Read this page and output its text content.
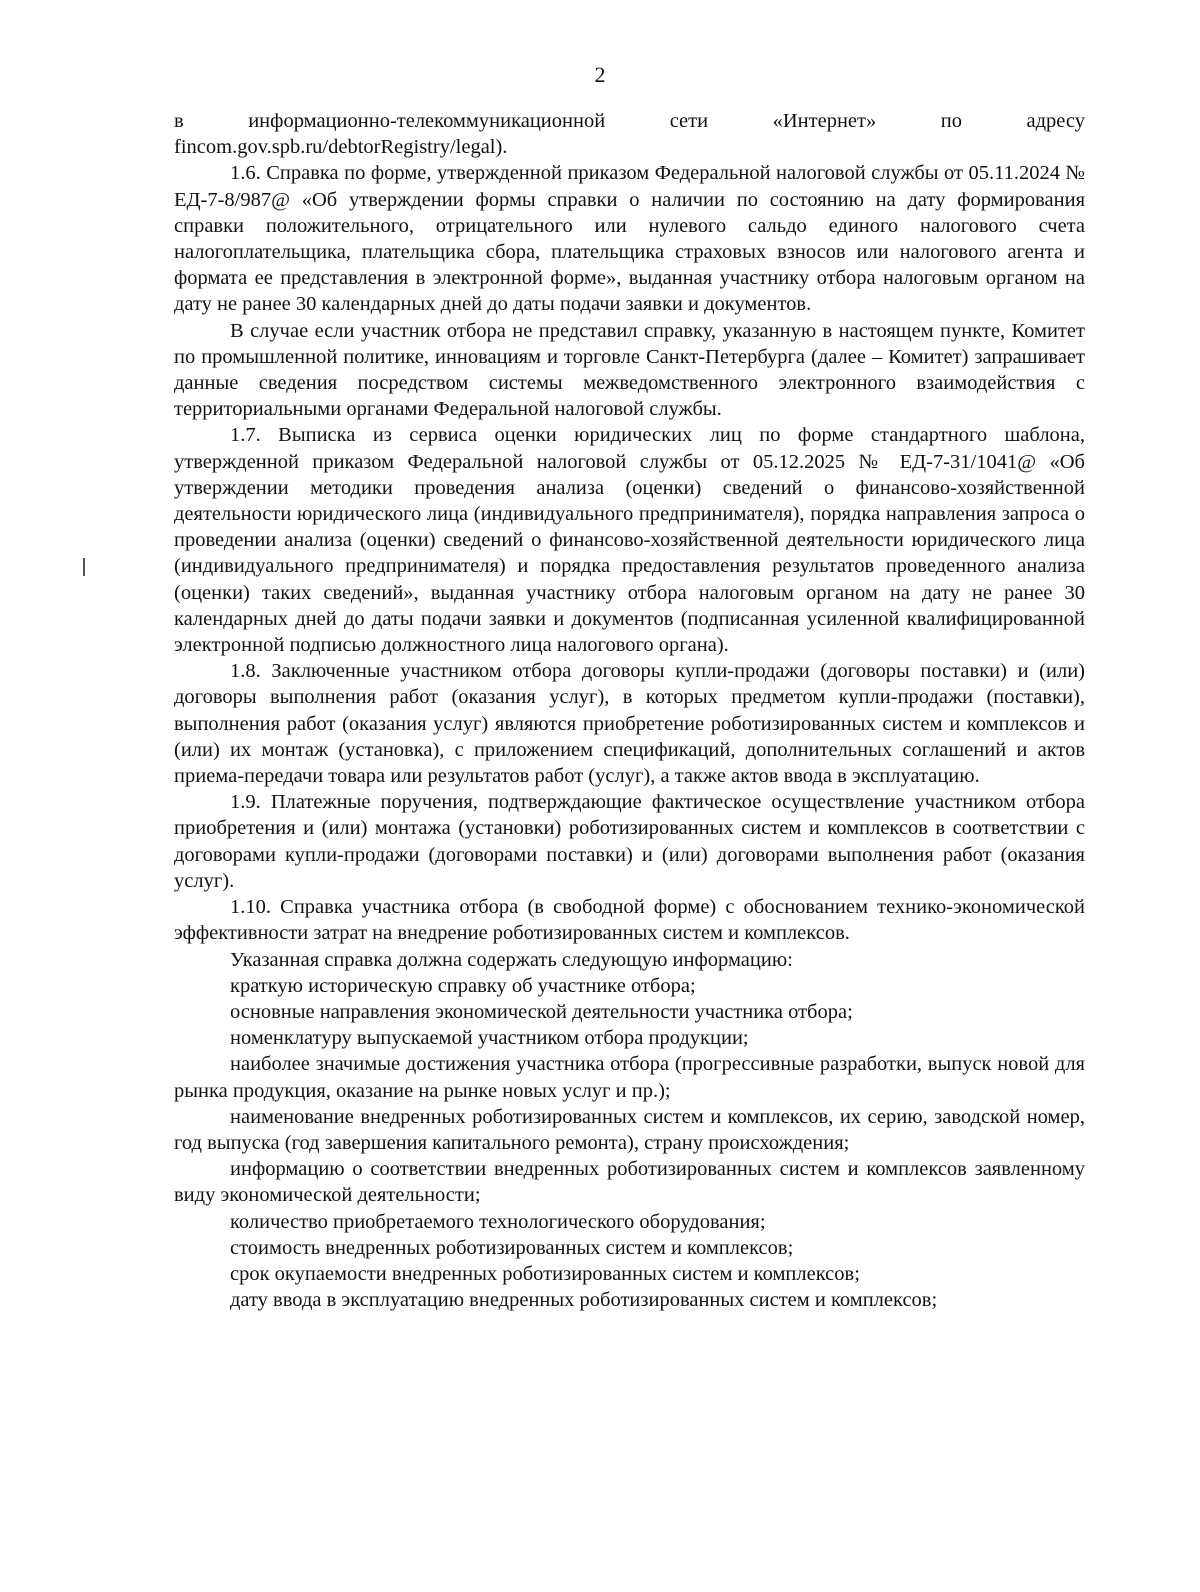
2

в информационно-телекоммуникационной сети «Интернет» по адресу fincom.gov.spb.ru/debtorRegistry/legal).

1.6. Справка по форме, утвержденной приказом Федеральной налоговой службы от 05.11.2024 № ЕД-7-8/987@ «Об утверждении формы справки о наличии по состоянию на дату формирования справки положительного, отрицательного или нулевого сальдо единого налогового счета налогоплательщика, плательщика сбора, плательщика страховых взносов или налогового агента и формата ее представления в электронной форме», выданная участнику отбора налоговым органом на дату не ранее 30 календарных дней до даты подачи заявки и документов.

В случае если участник отбора не представил справку, указанную в настоящем пункте, Комитет по промышленной политике, инновациям и торговле Санкт-Петербурга (далее – Комитет) запрашивает данные сведения посредством системы межведомственного электронного взаимодействия с территориальными органами Федеральной налоговой службы.

1.7. Выписка из сервиса оценки юридических лиц по форме стандартного шаблона, утвержденной приказом Федеральной налоговой службы от 05.12.2025 № ЕД-7-31/1041@ «Об утверждении методики проведения анализа (оценки) сведений о финансово-хозяйственной деятельности юридического лица (индивидуального предпринимателя), порядка направления запроса о проведении анализа (оценки) сведений о финансово-хозяйственной деятельности юридического лица (индивидуального предпринимателя) и порядка предоставления результатов проведенного анализа (оценки) таких сведений», выданная участнику отбора налоговым органом на дату не ранее 30 календарных дней до даты подачи заявки и документов (подписанная усиленной квалифицированной электронной подписью должностного лица налогового органа).

1.8. Заключенные участником отбора договоры купли-продажи (договоры поставки) и (или) договоры выполнения работ (оказания услуг), в которых предметом купли-продажи (поставки), выполнения работ (оказания услуг) являются приобретение роботизированных систем и комплексов и (или) их монтаж (установка), с приложением спецификаций, дополнительных соглашений и актов приема-передачи товара или результатов работ (услуг), а также актов ввода в эксплуатацию.

1.9. Платежные поручения, подтверждающие фактическое осуществление участником отбора приобретения и (или) монтажа (установки) роботизированных систем и комплексов в соответствии с договорами купли-продажи (договорами поставки) и (или) договорами выполнения работ (оказания услуг).

1.10. Справка участника отбора (в свободной форме) с обоснованием технико-экономической эффективности затрат на внедрение роботизированных систем и комплексов.

Указанная справка должна содержать следующую информацию:

краткую историческую справку об участнике отбора;

основные направления экономической деятельности участника отбора;

номенклатуру выпускаемой участником отбора продукции;

наиболее значимые достижения участника отбора (прогрессивные разработки, выпуск новой для рынка продукция, оказание на рынке новых услуг и пр.);

наименование внедренных роботизированных систем и комплексов, их серию, заводской номер, год выпуска (год завершения капитального ремонта), страну происхождения;

информацию о соответствии внедренных роботизированных систем и комплексов заявленному виду экономической деятельности;

количество приобретаемого технологического оборудования;

стоимость внедренных роботизированных систем и комплексов;

срок окупаемости внедренных роботизированных систем и комплексов;

дату ввода в эксплуатацию внедренных роботизированных систем и комплексов;
